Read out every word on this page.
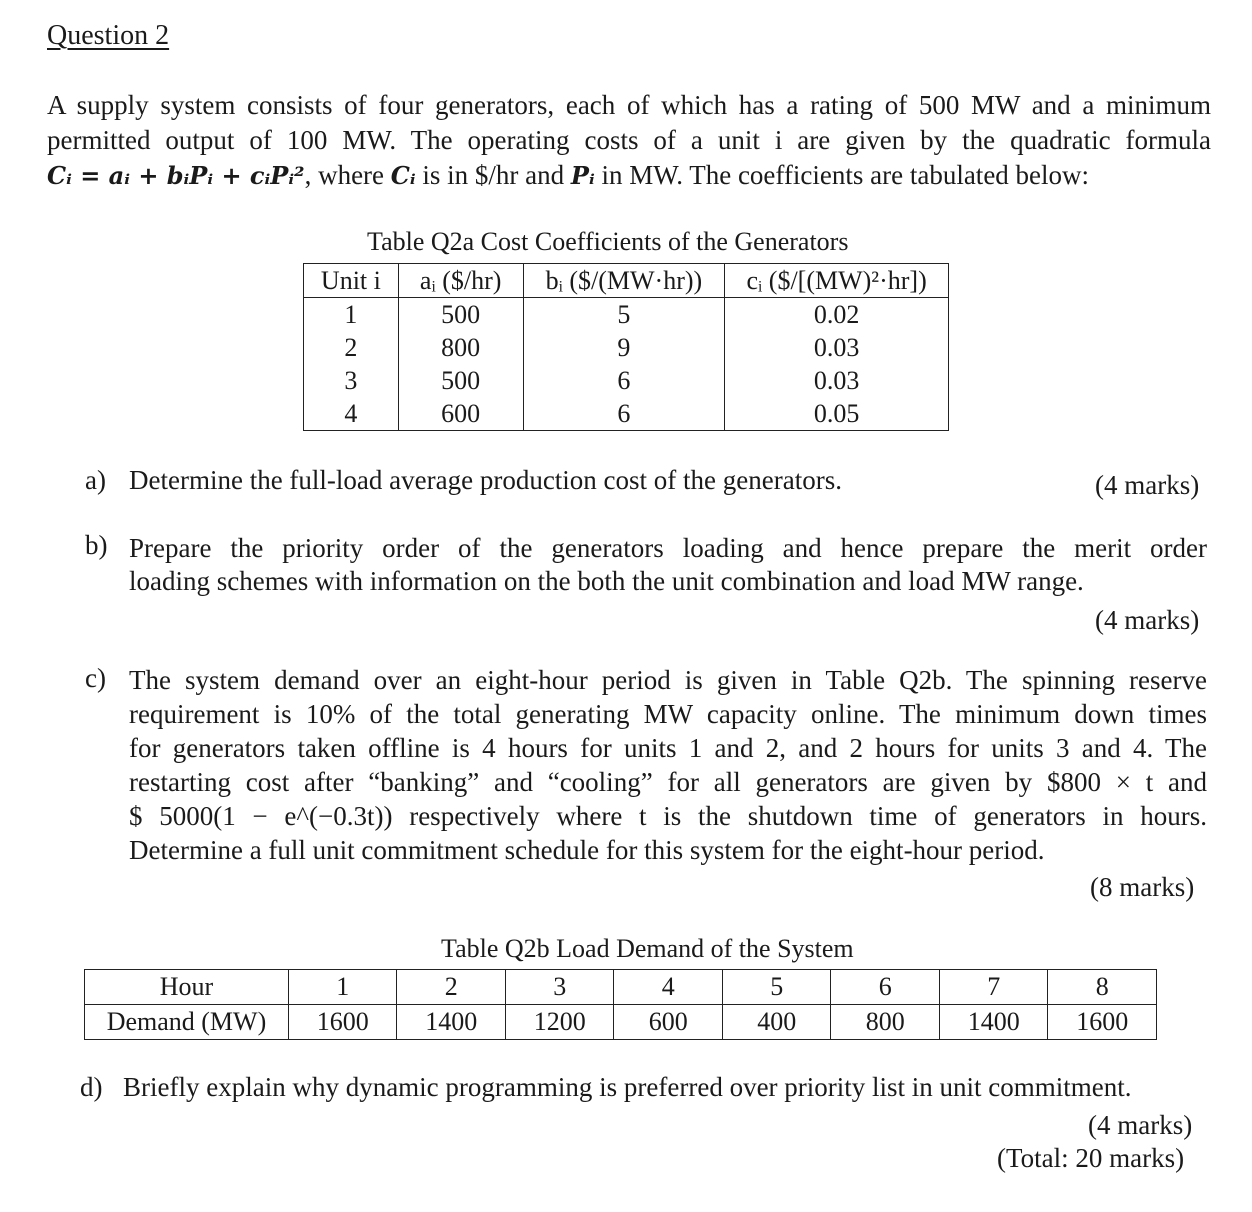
Question 2
A supply system consists of four generators, each of which has a rating of 500 MW and a minimum
permitted output of 100 MW. The operating costs of a unit i are given by the quadratic formula
Cᵢ = aᵢ + bᵢPᵢ + cᵢPᵢ², where Cᵢ is in $/hr and Pᵢ in MW. The coefficients are tabulated below:
Table Q2a Cost Coefficients of the Generators
Unit i	aᵢ ($/hr)	bᵢ ($/(MW·hr))	cᵢ ($/[(MW)²·hr])
1	500	5	0.02
2	800	9	0.03
3	500	6	0.03
4	600	6	0.05
a) Determine the full-load average production cost of the generators.	(4 marks)
b) Prepare the priority order of the generators loading and hence prepare the merit order
loading schemes with information on the both the unit combination and load MW range.
(4 marks)
c) The system demand over an eight-hour period is given in Table Q2b. The spinning reserve
requirement is 10% of the total generating MW capacity online. The minimum down times
for generators taken offline is 4 hours for units 1 and 2, and 2 hours for units 3 and 4. The
restarting cost after “banking” and “cooling” for all generators are given by $800 × t and
$ 5000(1 − e^(−0.3t)) respectively where t is the shutdown time of generators in hours.
Determine a full unit commitment schedule for this system for the eight-hour period.
(8 marks)
Table Q2b Load Demand of the System
Hour	1	2	3	4	5	6	7	8
Demand (MW)	1600	1400	1200	600	400	800	1400	1600
d) Briefly explain why dynamic programming is preferred over priority list in unit commitment.
(4 marks)
(Total: 20 marks)
